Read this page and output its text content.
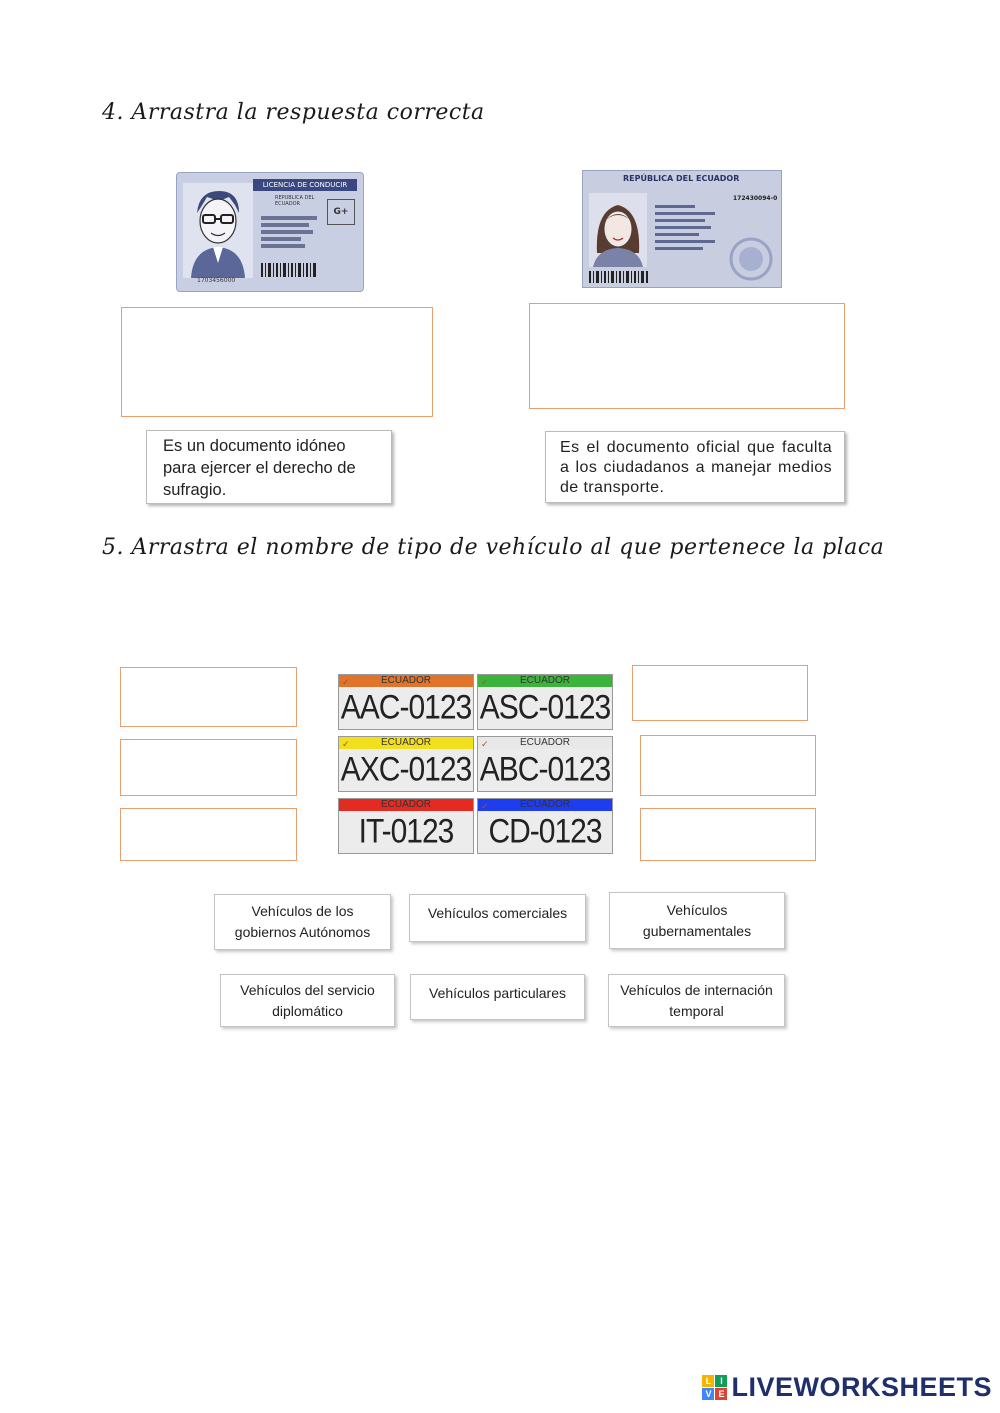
4. Arrastra la respuesta correcta
LICENCIA DE CONDUCIR
REPUBLICA DEL ECUADOR
G+
1703456000
REPÚBLICA DEL ECUADOR
172430094-0
Es un documento idóneo para ejercer el derecho de sufragio.
Es el documento oficial que faculta a los ciudadanos a manejar medios de transporte.
5. Arrastra el nombre de tipo de vehículo al que pertenece la placa
✓	ECUADOR
AAC-0123
✓	ECUADOR
ASC-0123
✓	ECUADOR
AXC-0123
✓	ECUADOR
ABC-0123
✓	ECUADOR
IT-0123
✓	ECUADOR
CD-0123
Vehículos de los gobiernos Autónomos
Vehículos comerciales	Vehículos gubernamentales
Vehículos del servicio diplomático
Vehículos particulares	Vehículos de internación temporal
L I
V E LIVEWORKSHEETS
